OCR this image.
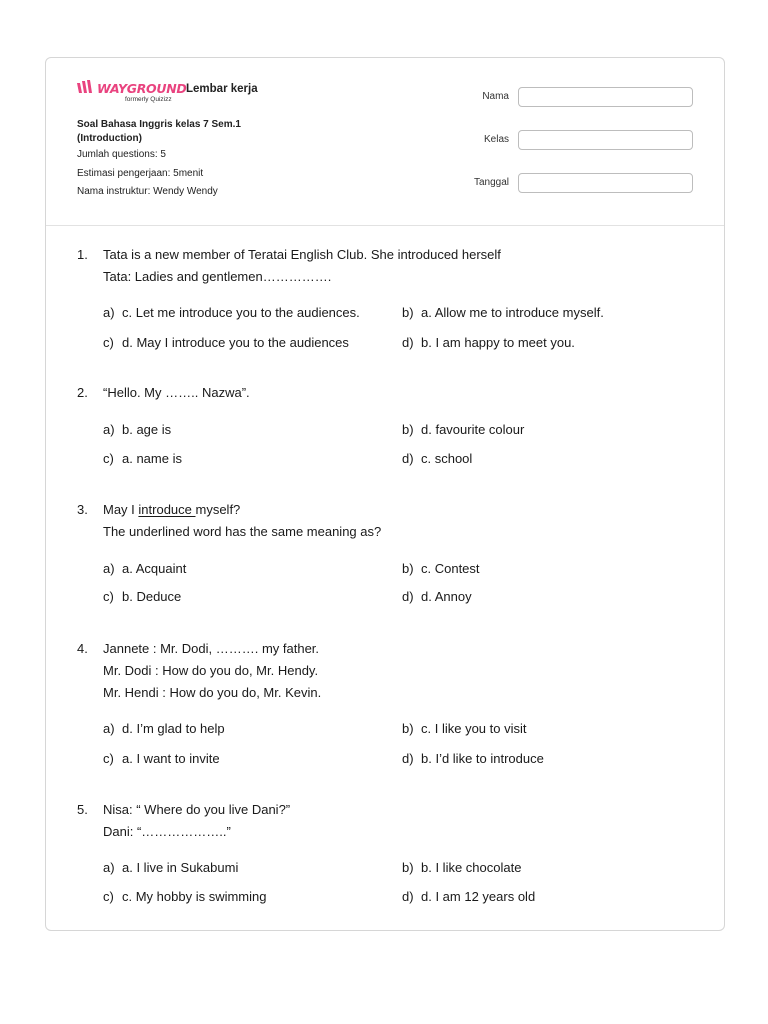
WAYGROUND
formerly Quizizz
Lembar kerja
Soal Bahasa Inggris kelas 7 Sem.1 (Introduction)
Jumlah questions: 5
Estimasi pengerjaan: 5menit
Nama instruktur: Wendy Wendy
Nama
Kelas
Tanggal
1. Tata is a new member of Teratai English Club. She introduced herself
Tata: Ladies and gentlemen…………….
a) c. Let me introduce you to the audiences.	b) a. Allow me to introduce myself.
c) d. May I introduce you to the audiences	d) b. I am happy to meet you.
2. “Hello. My …….. Nazwa”.
a) b. age is	b) d. favourite colour
c) a. name is	d) c. school
3. May I introduce myself?
The underlined word has the same meaning as?
a) a. Acquaint	b) c. Contest
c) b. Deduce	d) d. Annoy
4. Jannete : Mr. Dodi, ………. my father.
Mr. Dodi : How do you do, Mr. Hendy.
Mr. Hendi : How do you do, Mr. Kevin.
a) d. I’m glad to help	b) c. I like you to visit
c) a. I want to invite	d) b. I’d like to introduce
5. Nisa: “ Where do you live Dani?”
Dani: “………………..”
a) a. I live in Sukabumi	b) b. I like chocolate
c) c. My hobby is swimming	d) d. I am 12 years old
